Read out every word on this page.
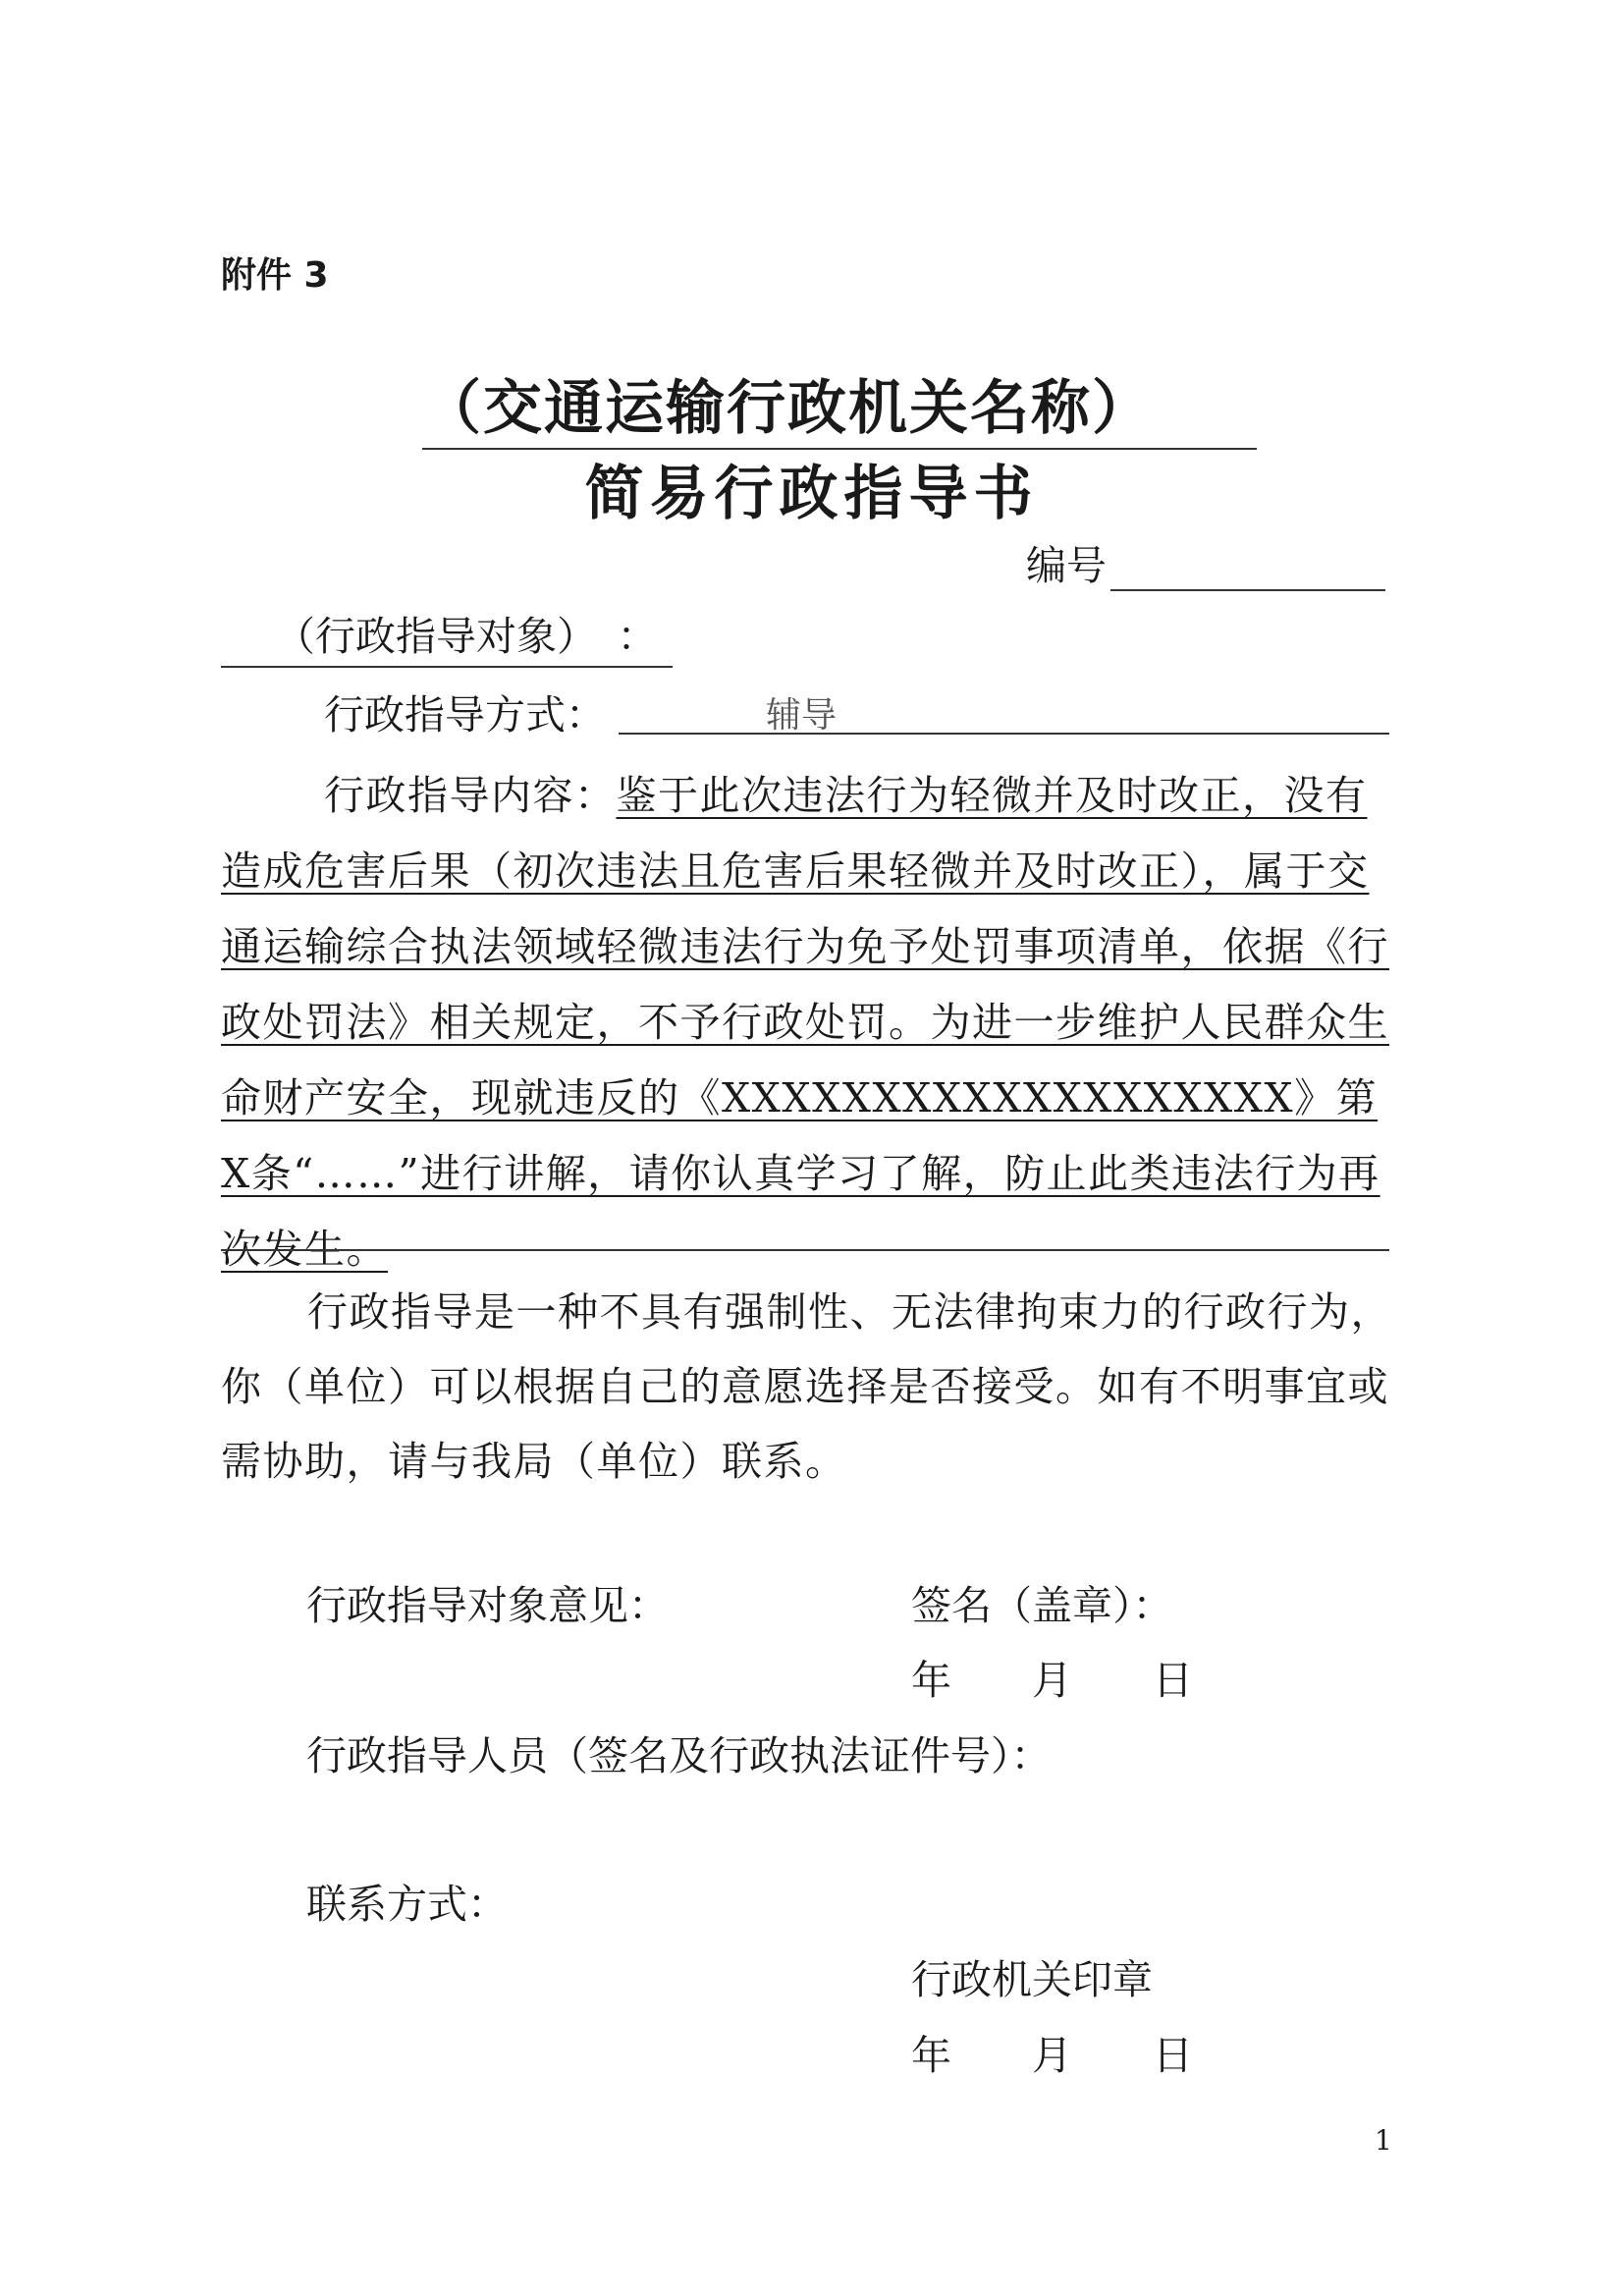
附件 3
（交通运输行政机关名称）
简易行政指导书
编号
（行政指导对象）　：
行政指导方式：	辅导
行政指导内容：鉴于此次违法行为轻微并及时改正，没有造成危害后果（初次违法且危害后果轻微并及时改正），属于交通运输综合执法领域轻微违法行为免予处罚事项清单，依据《行政处罚法》相关规定，不予行政处罚。为进一步维护人民群众生命财产安全，现就违反的《XXXXXXXXXXXXXXXXXXX》第X条“……”进行讲解，请你认真学习了解，防止此类违法行为再次发生。
行政指导是一种不具有强制性、无法律拘束力的行政行为，你（单位）可以根据自己的意愿选择是否接受。如有不明事宜或需协助，请与我局（单位）联系。
行政指导对象意见：	签名（盖章）：
年　　月　　日
行政指导人员（签名及行政执法证件号）：
联系方式：
行政机关印章
年　　月　　日
1
